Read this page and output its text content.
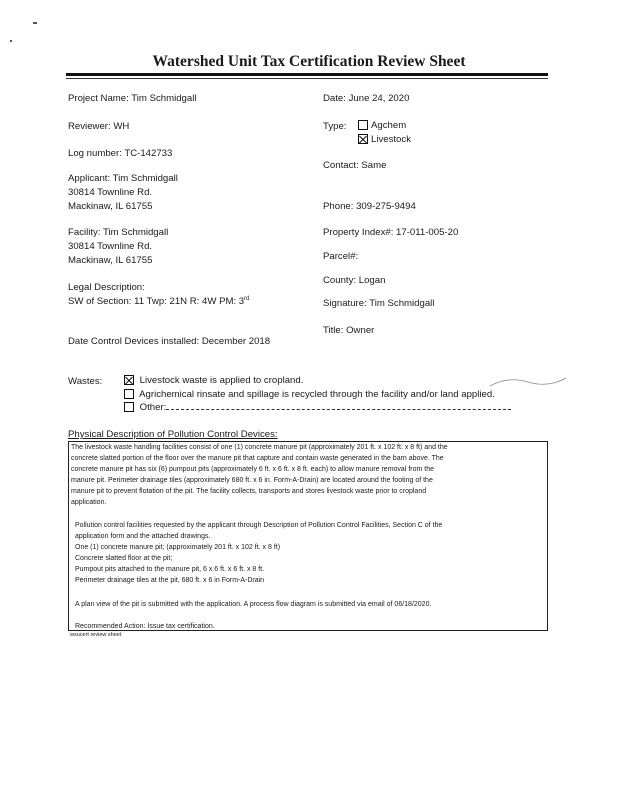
Watershed Unit Tax Certification Review Sheet
Project Name: Tim Schmidgall
Reviewer: WH
Log number: TC-142733
Applicant: Tim Schmidgall
30814 Townline Rd.
Mackinaw, IL 61755
Facility: Tim Schmidgall
30814 Townline Rd.
Mackinaw, IL 61755
Legal Description:
SW of Section: 11 Twp: 21N R: 4W PM: 3rd
Date Control Devices installed: December 2018
Date: June 24, 2020
Type:	Agchem
Livestock
Contact: Same
Phone: 309-275-9494
Property Index#: 17-011-005-20
Parcel#:
County: Logan
Signature: Tim Schmidgall
Title: Owner
Wastes:	Livestock waste is applied to cropland.
Agrichemical rinsate and spillage is recycled through the facility and/or land applied.
Other:
Physical Description of Pollution Control Devices:
The livestock waste handling facilities consist of one (1) concrete manure pit (approximately 201 ft. x 102 ft. x 8 ft) and the
concrete slatted portion of the floor over the manure pit that capture and contain waste generated in the barn above. The
concrete manure pit has six (6) pumpout pits (approximately 6 ft. x 6 ft. x 8 ft. each) to allow manure removal from the
manure pit. Perimeter drainage tiles (approximately 680 ft. x 6 in. Form-A-Drain) are located around the footing of the
manure pit to prevent flotation of the pit. The facility collects, transports and stores livestock waste prior to cropland
application.
Pollution control facilities requested by the applicant through Description of Pollution Control Facilities, Section C of the
application form and the attached drawings.
One (1) concrete manure pit; (approximately 201 ft. x 102 ft. x 8 ft)
Concrete slatted floor at the pit;
Pumpout pits attached to the manure pit, 6 x 6 ft. x 6 ft. x 8 ft.
Perimeter drainage tiles at the pit, 680 ft. x 6 in Form-A-Drain
A plan view of the pit is submitted with the application. A process flow diagram is submitted via email of 06/18/2020.
Recommended Action: Issue tax certification.
wsucert review sheet
